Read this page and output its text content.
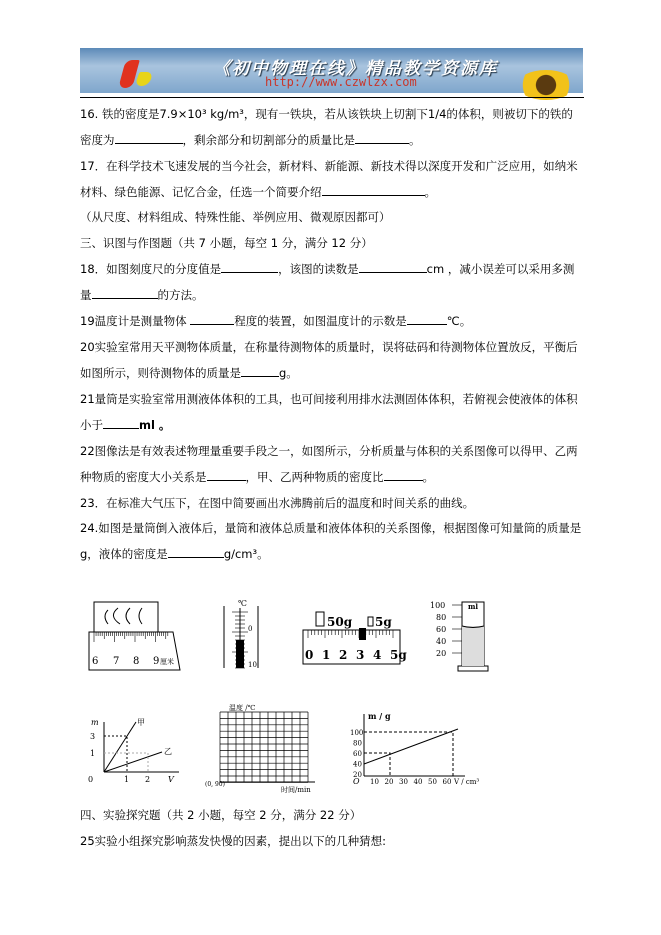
《初中物理在线》精品教学资源库
http://www.czwlzx.com
16. 铁的密度是7.9×10³ kg/m³，现有一铁块，若从该铁块上切割下1/4的体积，则被切下的铁的
密度为	，剩余部分和切割部分的质量比是	。
17．在科学技术飞速发展的当今社会，新材料、新能源、新技术得以深度开发和广泛应用，如纳米
材料、绿色能源、记忆合金，任选一个简要介绍	。
（从尺度、材料组成、特殊性能、举例应用、微观原因都可）
三、识图与作图题（共 7 小题，每空 1 分，满分 12 分）
18．如图刻度尺的分度值是	，该图的读数是	cm ，减小误差可以采用多测
量	的方法。
19温度计是测量物体	程度的装置，如图温度计的示数是	℃。
20实验室常用天平测物体质量，在称量待测物体的质量时，误将砝码和待测物体位置放反，平衡后
如图所示，则待测物体的质量是	g。
21量筒是实验室常用测液体体积的工具，也可间接利用排水法测固体体积，若俯视会使液体的体积
小于	ml 。
22图像法是有效表述物理量重要手段之一，如图所示，分析质量与体积的关系图像可以得甲、乙两
种物质的密度大小关系是	，甲、乙两种物质的密度比	。
23．在标准大气压下，在图中简要画出水沸腾前后的温度和时间关系的曲线。
24.如图是量筒倒入液体后，量筒和液体总质量和液体体积的关系图像，根据图像可知量筒的质量是
g，液体的密度是	g/cm³。
6 7 8 9 厘米
℃
0
10
50g 5g
0 1 2 3 4 5g
ml
100
80
60
40
20
m
3
1
0	1 2 V
甲
乙
温度 /℃
(0, 90)
时间/min
m / g
100
80
60
40
20
10 20 30 40 50 60
O	V / cm³
四、实验探究题（共 2 小题，每空 2 分，满分 22 分）
25实验小组探究影响蒸发快慢的因素，提出以下的几种猜想:
